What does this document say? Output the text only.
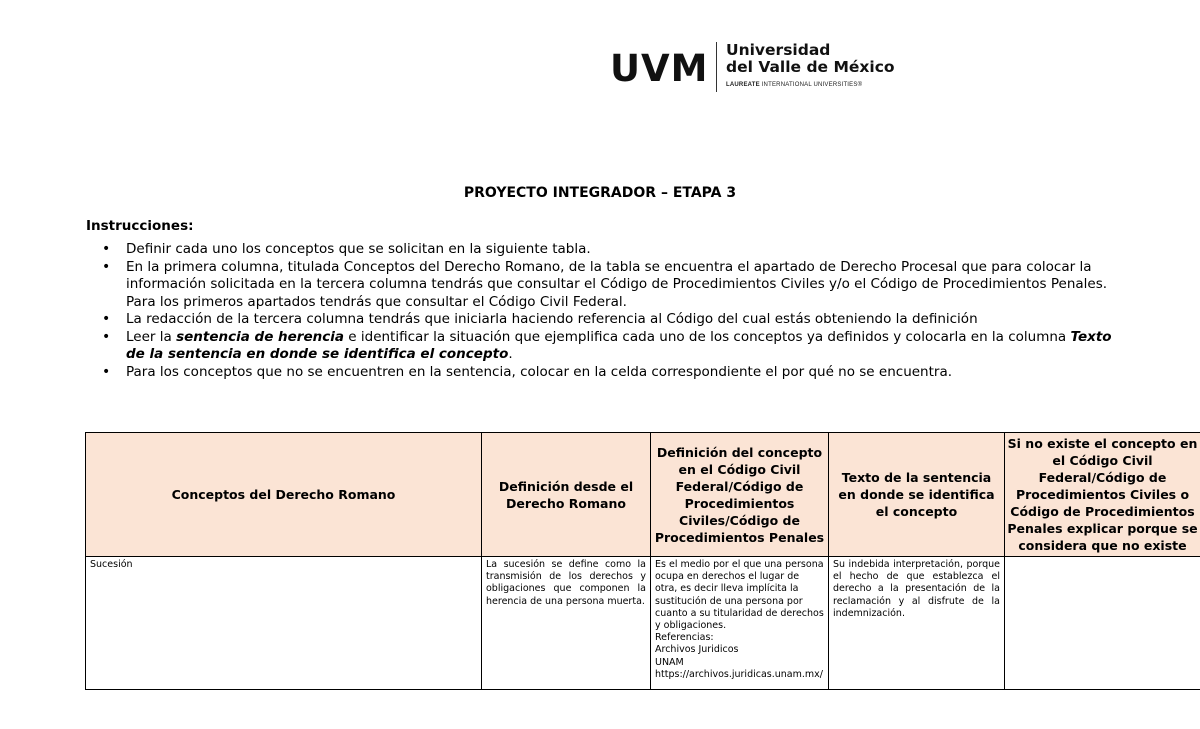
UVM Universidad
del Valle de México
LAUREATE INTERNATIONAL UNIVERSITIES®
PROYECTO INTEGRADOR – ETAPA 3
Instrucciones:
• Definir cada uno los conceptos que se solicitan en la siguiente tabla.
• En la primera columna, titulada Conceptos del Derecho Romano, de la tabla se encuentra el apartado de Derecho Procesal que para colocar la información solicitada en la tercera columna tendrás que consultar el Código de Procedimientos Civiles y/o el Código de Procedimientos Penales. Para los primeros apartados tendrás que consultar el Código Civil Federal.
• La redacción de la tercera columna tendrás que iniciarla haciendo referencia al Código del cual estás obteniendo la definición
• Leer la sentencia de herencia e identificar la situación que ejemplifica cada uno de los conceptos ya definidos y colocarla en la columna Texto de la sentencia en donde se identifica el concepto.
• Para los conceptos que no se encuentren en la sentencia, colocar en la celda correspondiente el por qué no se encuentra.
Conceptos del Derecho Romano	Definición desde el Derecho Romano	Definición del concepto en el Código Civil Federal/Código de Procedimientos Civiles/Código de Procedimientos Penales	Texto de la sentencia en donde se identifica el concepto	Si no existe el concepto en el Código Civil Federal/Código de Procedimientos Civiles o Código de Procedimientos Penales explicar porque se considera que no existe
Sucesión	La sucesión se define como la transmisión de los derechos y obligaciones que componen la herencia de una persona muerta.	Es el medio por el que una persona ocupa en derechos el lugar de otra, es decir lleva implícita la sustitución de una persona por cuanto a su titularidad de derechos y obligaciones.
Referencias:
Archivos Juridicos
UNAM
https://archivos.juridicas.unam.mx/	Su indebida interpretación, porque el hecho de que establezca el derecho a la presentación de la reclamación y al disfrute de la indemnización.	
